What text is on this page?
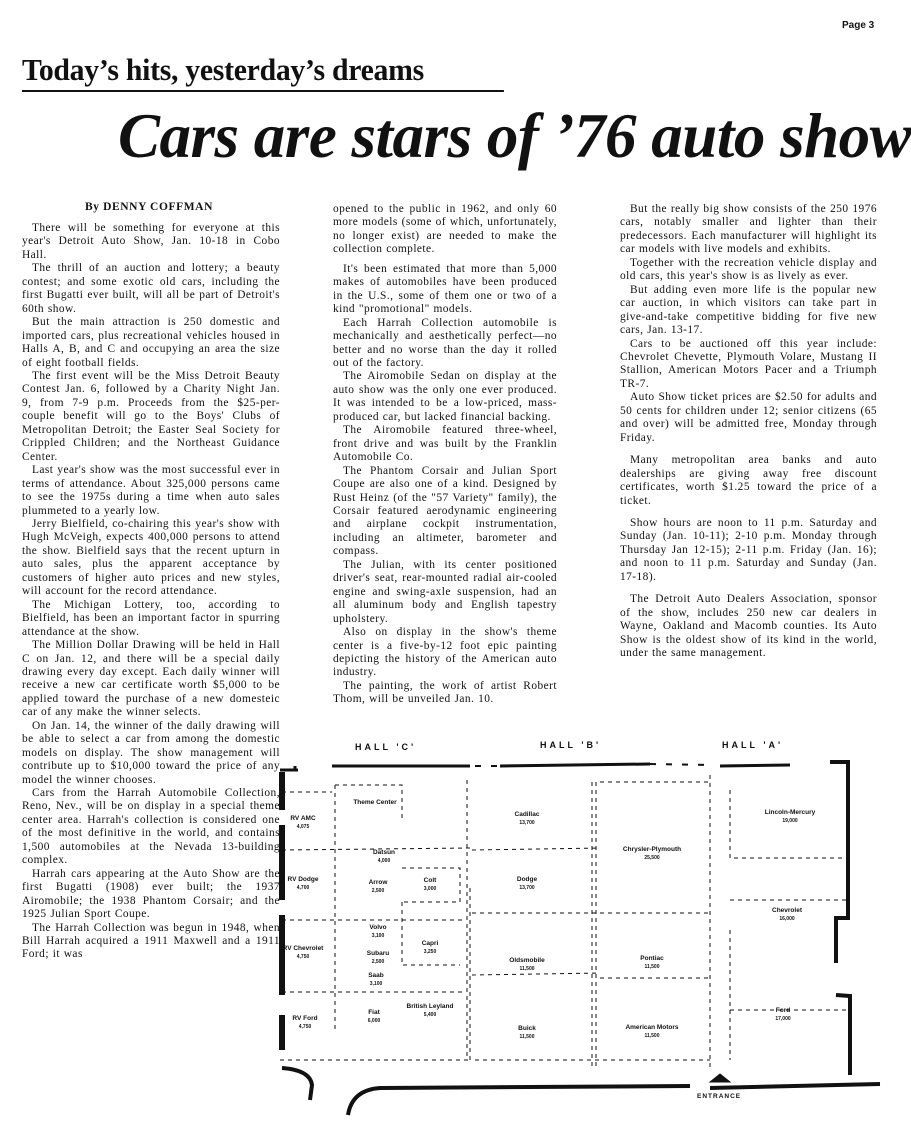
Page 3
Today’s hits, yesterday’s dreams
Cars are stars of ’76 auto show
By DENNY COFFMAN

There will be something for everyone at this year's Detroit Auto Show, Jan. 10-18 in Cobo Hall.

The thrill of an auction and lottery; a beauty contest; and some exotic old cars, including the first Bugatti ever built, will all be part of Detroit's 60th show.

But the main attraction is 250 domestic and imported cars, plus recreational vehicles housed in Halls A, B, and C and occupying an area the size of eight football fields.

The first event will be the Miss Detroit Beauty Contest Jan. 6, followed by a Charity Night Jan. 9, from 7-9 p.m. Proceeds from the $25-per-couple benefit will go to the Boys' Clubs of Metropolitan Detroit; the Easter Seal Society for Crippled Children; and the Northeast Guidance Center.

Last year's show was the most successful ever in terms of attendance. About 325,000 persons came to see the 1975s during a time when auto sales plummeted to a yearly low.

Jerry Bielfield, co-chairing this year's show with Hugh McVeigh, expects 400,000 persons to attend the show. Bielfield says that the recent upturn in auto sales, plus the apparent acceptance by customers of higher auto prices and new styles, will account for the record attendance.

The Michigan Lottery, too, according to Bielfield, has been an important factor in spurring attendance at the show.

The Million Dollar Drawing will be held in Hall C on Jan. 12, and there will be a special daily drawing every day except. Each daily winner will receive a new car certificate worth $5,000 to be applied toward the purchase of a new domesteic car of any make the winner selects.

On Jan. 14, the winner of the daily drawing will be able to select a car from among the domestic models on display. The show management will contribute up to $10,000 toward the price of any model the winner chooses.

Cars from the Harrah Automobile Collection, Reno, Nev., will be on display in a special theme center area. Harrah's collection is considered one of the most definitive in the world, and contains 1,500 automobiles at the Nevada 13-building complex.

Harrah cars appearing at the Auto Show are the first Bugatti (1908) ever built; the 1937 Airomobile; the 1938 Phantom Corsair; and the 1925 Julian Sport Coupe.

The Harrah Collection was begun in 1948, when Bill Harrah acquired a 1911 Maxwell and a 1911 Ford; it was

opened to the public in 1962, and only 60 more models (some of which, unfortunately, no longer exist) are needed to make the collection complete.

It's been estimated that more than 5,000 makes of automobiles have been produced in the U.S., some of them one or two of a kind "promotional" models.

Each Harrah Collection automobile is mechanically and aesthetically perfect—no better and no worse than the day it rolled out of the factory.

The Airomobile Sedan on display at the auto show was the only one ever produced. It was intended to be a low-priced, mass-produced car, but lacked financial backing.

The Airomobile featured three-wheel, front drive and was built by the Franklin Automobile Co.

The Phantom Corsair and Julian Sport Coupe are also one of a kind. Designed by Rust Heinz (of the "57 Variety" family), the Corsair featured aerodynamic engineering and airplane cockpit instrumentation, including an altimeter, barometer and compass.

The Julian, with its center positioned driver's seat, rear-mounted radial air-cooled engine and swing-axle suspension, had an all aluminum body and English tapestry upholstery.

Also on display in the show's theme center is a five-by-12 foot epic painting depicting the history of the American auto industry.

The painting, the work of artist Robert Thom, will be unveiled Jan. 10.

But the really big show consists of the 250 1976 cars, notably smaller and lighter than their predecessors. Each manufacturer will highlight its car models with live models and exhibits.

Together with the recreation vehicle display and old cars, this year's show is as lively as ever.

But adding even more life is the popular new car auction, in which visitors can take part in give-and-take competitive bidding for five new cars, Jan. 13-17.

Cars to be auctioned off this year include: Chevrolet Chevette, Plymouth Volare, Mustang II Stallion, American Motors Pacer and a Triumph TR-7.

Auto Show ticket prices are $2.50 for adults and 50 cents for children under 12; senior citizens (65 and over) will be admitted free, Monday through Friday.

Many metropolitan area banks and auto dealerships are giving away free discount certificates, worth $1.25 toward the price of a ticket.

Show hours are noon to 11 p.m. Saturday and Sunday (Jan. 10-11); 2-10 p.m. Monday through Thursday Jan 12-15); 2-11 p.m. Friday (Jan. 16); and noon to 11 p.m. Saturday and Sunday (Jan. 17-18).

The Detroit Auto Dealers Association, sponsor of the show, includes 250 new car dealers in Wayne, Oakland and Macomb counties. Its Auto Show is the oldest show of its kind in the world, under the same management.

HALL 'C'	HALL 'B'	HALL 'A'
ENTRANCE
Theme Center
RV AMC
4,075
Datsun
4,000
RV Dodge
4,700
Arrow
2,500
Colt
3,000
Volvo
3,100
Capri
3,250
RV Chevrolet
4,750	Subaru
2,500
Saab
3,100
British Leyland
5,400
Fiat
6,000
RV Ford
4,750
Cadillac
13,700
Dodge
13,700
Chrysler-Plymouth
25,500
Oldsmobile
11,500
Pontiac
11,500
Buick
11,500
American Motors
11,500
Lincoln-Mercury
19,000
Chevrolet
16,000
Ford
17,000
